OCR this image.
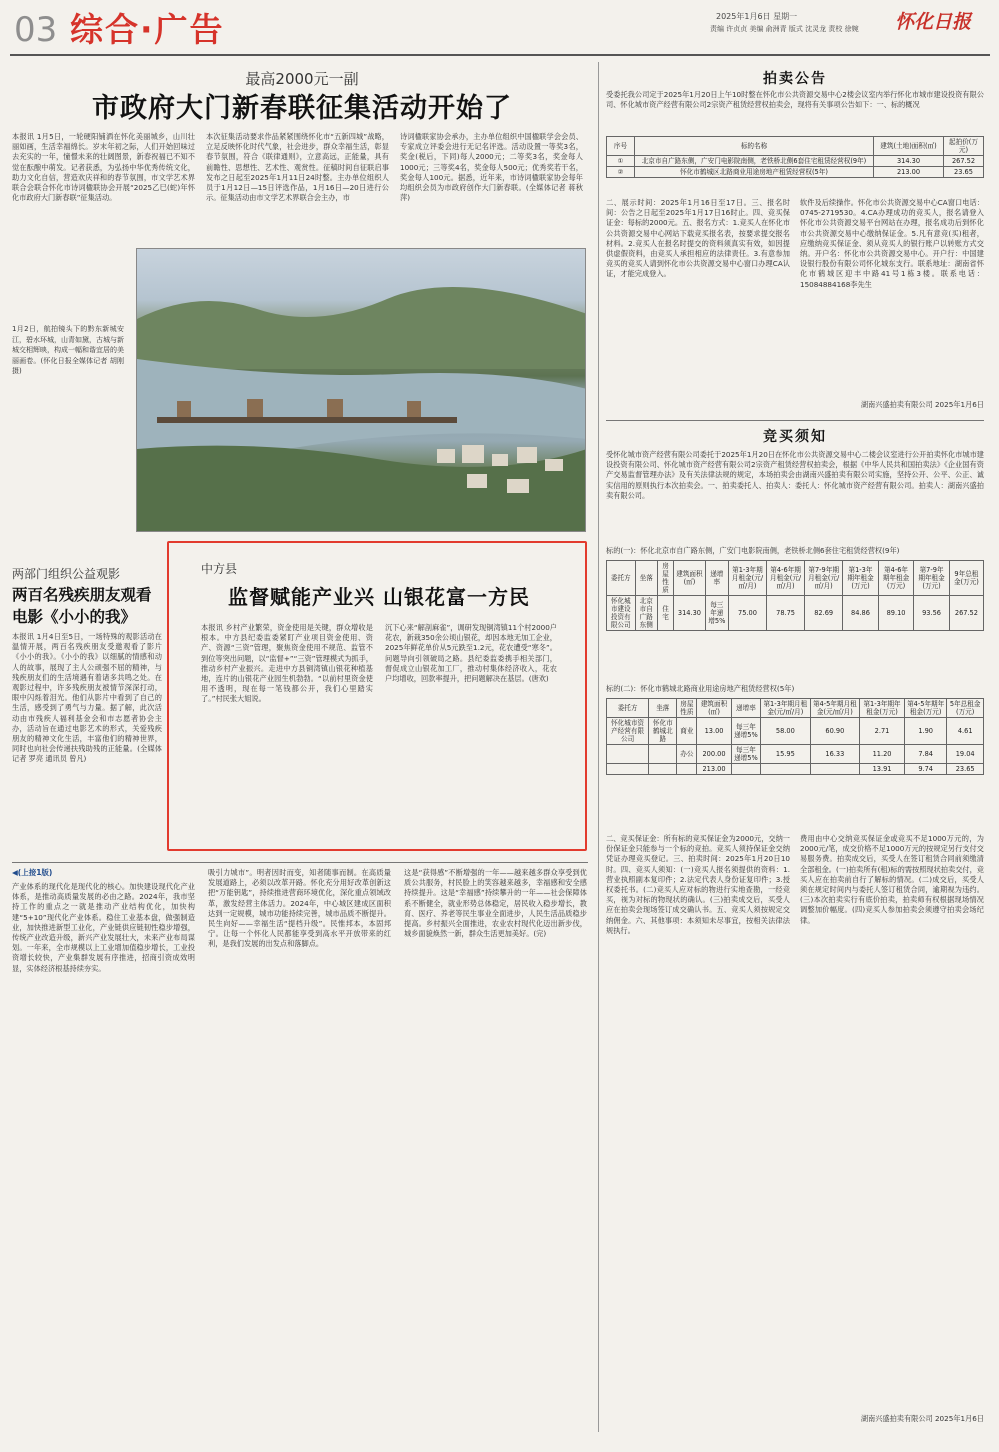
03 综合·广告	2025年1月6日 星期一
责编 许贞贞 美编 俞洲青 版式 沈灵龙 责校 徐婉	怀化日报
最高2000元一副
市政府大门新春联征集活动开始了
本报讯 1月5日，一轮硬阳铺洒在怀化美丽城乡，山川壮丽如画，生活幸福绵长。岁末年初之际，人们开始回味过去充实的一年，憧憬未来的壮阔图景，新春祝福已不知不觉在酝酿中萌发。记者获悉，为弘扬中华优秀传统文化，助力文化自信，营造欢庆祥和的春节氛围，市文学艺术界联合会联合怀化市诗词楹联协会开展“2025乙巳(蛇)年怀化市政府大门新春联”征集活动。
本次征集活动要求作品紧紧围绕怀化市“五新四城”战略，立足反映怀化时代气象，社会进步，群众幸福生活，彰显春节氛围，符合《联律通则》，立意高远，正能量，具有前瞻性、思想性、艺术性、观赏性。征稿时间自征联启事发布之日起至2025年1月11日24时整。主办单位组织人员于1月12日—15日评选作品，1月16日—20日进行公示。征集活动由市文学艺术界联合会主办，市
诗词楹联家协会承办，主办单位组织中国楹联学会会员、专家成立评委会进行无记名评选。活动设置一等奖3名，奖金(税后，下同)每人2000元；二等奖3名，奖金每人1000元；三等奖4名，奖金每人500元；优秀奖若干名，奖金每人100元。据悉，近年来，市诗词楹联家协会每年均组织会员为市政府创作大门新春联。(全媒体记者 蒋秋萍)
1月2日，航拍镜头下的黔东新城安江，碧水环城，山青如黛，古城与新城交相辉映，构成一幅和谐宜居的美丽画卷。(怀化日报全媒体记者 胡刚 摄)
两部门组织公益观影
两百名残疾朋友观看电影《小小的我》
本报讯 1月4日至5日，一场特殊的观影活动在温情开展，两百名残疾朋友受邀观看了影片《小小的我》。《小小的我》以细腻的情感和动人的故事，展现了主人公顽强不屈的精神，与残疾朋友们的生活境遇有着诸多共鸣之处。在观影过程中，许多残疾朋友被情节深深打动，眼中闪烁着泪光。他们从影片中看到了自己的生活，感受到了勇气与力量。据了解，此次活动由市残疾人福利基金会和市志愿者协会主办，活动旨在通过电影艺术的形式，关爱残疾朋友的精神文化生活，丰富他们的精神世界，同时也向社会传递扶残助残的正能量。(全媒体记者 罗亮 通讯员 曾凡)
中方县
监督赋能产业兴 山银花富一方民
本报讯 乡村产业繁荣，资金使用是关键，群众增收是根本。中方县纪委监委紧盯产业项目资金使用、资产、资源“三资”管理，聚焦资金使用不规范、监管不到位等突出问题，以“监督+”“三资”管理模式为抓手，推动乡村产业振兴。走进中方县铜湾镇山银花种植基地，连片的山银花产业园生机勃勃。“以前村里资金使用不透明，现在每一笔钱都公开，我们心里踏实了。”村民张大姐说。
沉下心来“解剖麻雀”，调研发现铜湾镇11个村2000户花农，新栽350余公顷山银花，却因本地无加工企业，2025年鲜花单价从5元跌至1.2元，花农遭受“寒冬”。问题导向引领破局之路。县纪委监委携手相关部门，督促成立山银花加工厂，推动村集体经济收入，花农户均增收，回款率提升，把问题解决在基层。(唐欢)
◀(上接1版)
产业体系的现代化是现代化的核心。加快建设现代化产业体系，是推动高质量发展的必由之路。2024年，我市坚持工作的重点之一就是推动产业结构优化，加快构建“5+10”现代化产业体系。稳住工业基本盘，做强制造业，加快推进新型工业化，产业链供应链韧性稳步增强，传统产业改造升级，新兴产业发展壮大，未来产业布局谋划。一年来，全市规模以上工业增加值稳步增长，工业投资增长较快，产业集群发展有序推进，招商引资成效明显，实体经济根基持续夯实。
吸引力城市”。明者因时而变，知者随事而制。在高质量发展道路上，必须以改革开路。怀化充分用好改革创新这把“万能钥匙”，持续推进营商环境优化，深化重点领域改革，激发经营主体活力。2024年，中心城区建成区面积达到一定规模，城市功能持续完善，城市品质不断提升。民生向好——幸福生活“提档升级”。民惟邦本，本固邦宁。让每一个怀化人民都能享受到高水平开放带来的红利，是我们发展的出发点和落脚点。
这是“获得感”不断增强的一年——越来越多群众享受到优质公共服务，村民脸上的笑容越来越多，幸福感和安全感持续提升。这是“幸福感”持续攀升的一年——社会保障体系不断健全，就业形势总体稳定，居民收入稳步增长，教育、医疗、养老等民生事业全面进步，人民生活品质稳步提高。乡村振兴全面推进，农业农村现代化迈出新步伐，城乡面貌焕然一新，群众生活更加美好。(完)
拍卖公告
受委托我公司定于2025年1月20日上午10时整在怀化市公共资源交易中心2楼会议室内举行怀化市城市建设投资有限公司、怀化城市资产经营有限公司2宗资产租赁经营权拍卖会，现将有关事项公告如下：一、标的概况
序号	标的名称	建筑(土地)面积(㎡)	起拍价(万元)
①	北京市自广路东侧，广安门电影院南侧，老铁桥北侧6套住宅租赁经营权(9年)	314.30	267.52
②	怀化市鹤城区北路商业用途房地产租赁经营权(5年)	213.00	23.65
二、展示时间：2025年1月16日至17日。三、报名时间：公告之日起至2025年1月17日16时止。四、竞买保证金：每标的2000元。五、报名方式：1.竞买人在怀化市公共资源交易中心网站下载竞买报名表，按要求提交报名材料。2.竞买人在报名时提交的资料须真实有效，如因提供虚假资料，由竞买人承担相应的法律责任。3.有意参加竞买的竞买人请到怀化市公共资源交易中心窗口办理CA认证，才能完成登入。
软件及后续操作。怀化市公共资源交易中心CA窗口电话：0745-2719530。4.CA办理成功的竞买人，报名请登入怀化市公共资源交易平台网站在办理，报名成功后到怀化市公共资源交易中心缴纳保证金。5.凡有意竞(买)租者，应缴纳竞买保证金、须从竞买人的银行账户以转账方式交纳。开户名：怀化市公共资源交易中心。开户行：中国建设银行股份有限公司怀化城东支行。联系地址：湖南省怀化市鹤城区迎丰中路41号1栋3楼。联系电话：15084884168李先生
湖南兴盛拍卖有限公司 2025年1月6日
竞买须知
受怀化城市资产经营有限公司委托于2025年1月20日在怀化市公共资源交易中心二楼会议室进行公开拍卖怀化市城市建设投资有限公司、怀化城市资产经营有限公司2宗资产租赁经营权拍卖会，根据《中华人民共和国拍卖法》《企业国有资产交易监督管理办法》及有关法律法规的规定，本场拍卖会由湖南兴盛拍卖有限公司实施，坚持公开、公平、公正、诚实信用的原则执行本次拍卖会。一、拍卖委托人、拍卖人：委托人：怀化城市资产经营有限公司。拍卖人：湖南兴盛拍卖有限公司。
标的(一)：怀化北京市自广路东侧，广安门电影院南侧，老铁桥北侧6套住宅租赁经营权(9年)
委托方	坐落	房屋性质	建筑面积(㎡)	递增率	第1-3年期月租金(元/㎡/月)	第4-6年期月租金(元/㎡/月)	第7-9年期月租金(元/㎡/月)	第1-3年期年租金(万元)	第4-6年期年租金(万元)	第7-9年期年租金(万元)	9年总租金(万元)
怀化城市建设投资有限公司	北京市自广路东侧	住宅	314.30	每三年递增5%	75.00	78.75	82.69	84.86	89.10	93.56	267.52
标的(二)：怀化市鹤城北路商业用途房地产租赁经营权(5年)
委托方	坐落	房屋性质	建筑面积(㎡)	递增率	第1-3年期月租金(元/㎡/月)	第4-5年期月租金(元/㎡/月)	第1-3年期年租金(万元)	第4-5年期年租金(万元)	5年总租金(万元)
怀化城市资产经营有限公司	怀化市鹤城北路	商业	13.00	每三年递增5%	58.00	60.90	2.71	1.90	4.61
		办公	200.00	每三年递增5%	15.95	16.33	11.20	7.84	19.04
			213.00				13.91	9.74	23.65
二、竞买保证金：所有标的竞买保证金为2000元，交纳一份保证金只能参与一个标的竞拍。竞买人须持保证金交纳凭证办理竞买登记。三、拍卖时间：2025年1月20日10时。四、竞买人须知：(一)竞买人报名须提供的资料：1.营业执照副本复印件；2.法定代表人身份证复印件；3.授权委托书。(二)竞买人应对标的物进行实地查勘，一经竞买，视为对标的物现状的确认。(三)拍卖成交后，买受人应在拍卖会现场签订成交确认书。五、竞买人须按规定交纳佣金。六、其他事项：本须知未尽事宜，按相关法律法规执行。
费用由中心交纳竞买保证金或竞买不足1000万元的，为2000元/笔，成交价格不足1000万元的按规定另行支付交易服务费。拍卖成交后，买受人在签订租赁合同前须缴清全部租金。(一)拍卖所有(租)标的需按照现状拍卖交付，竞买人应在拍卖前自行了解标的情况。(二)成交后，买受人须在规定时间内与委托人签订租赁合同，逾期视为违约。(三)本次拍卖实行有底价拍卖，拍卖师有权根据现场情况调整加价幅度。(四)竞买人参加拍卖会须遵守拍卖会场纪律。
湖南兴盛拍卖有限公司 2025年1月6日
